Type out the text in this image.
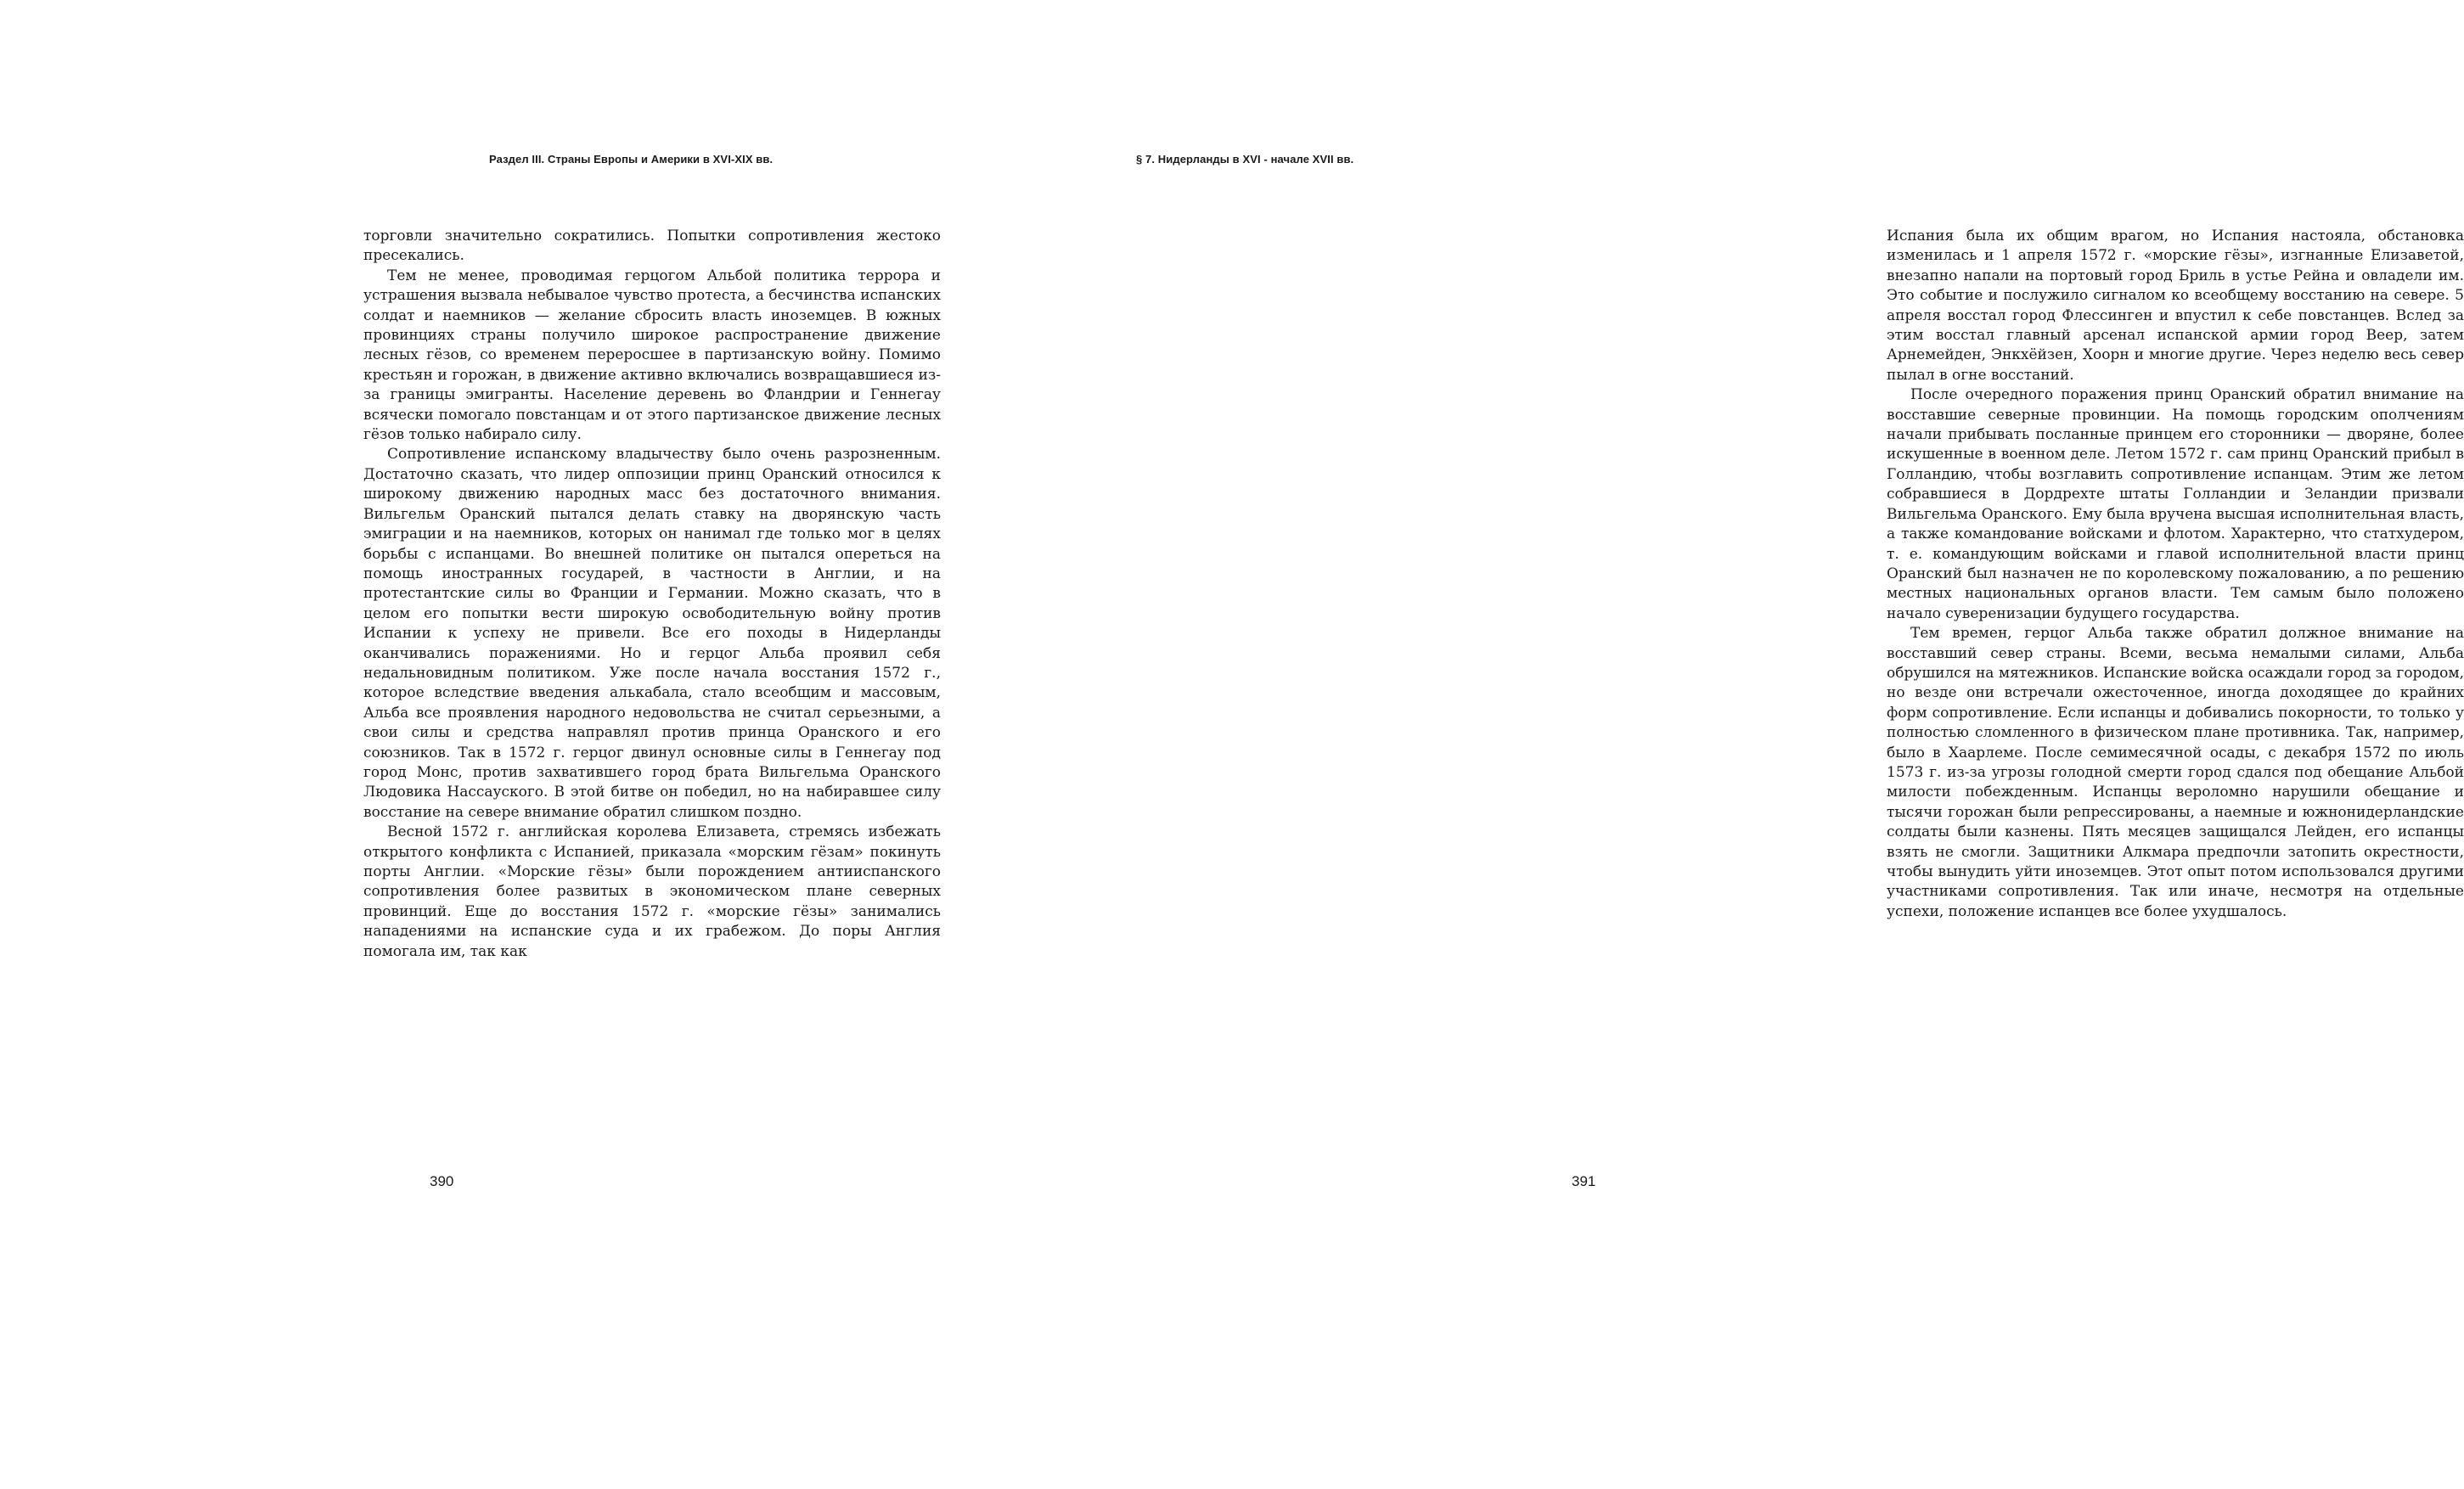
Раздел III. Страны Европы и Америки в XVI-XIX вв.

торговли значительно сократились. Попытки сопротивления жестоко пресекались.

Тем не менее, проводимая герцогом Альбой политика террора и устрашения вызвала небывалое чувство протеста, а бесчинства испанских солдат и наемников — желание сбросить власть иноземцев. В южных провинциях страны получило широкое распространение движение лесных гёзов, со временем переросшее в партизанскую войну. Помимо крестьян и горожан, в движение активно включались возвращавшиеся из-за границы эмигранты. Население деревень во Фландрии и Геннегау всячески помогало повстанцам и от этого партизанское движение лесных гёзов только набирало силу.

Сопротивление испанскому владычеству было очень разрозненным. Достаточно сказать, что лидер оппозиции принц Оранский относился к широкому движению народных масс без достаточного внимания. Вильгельм Оранский пытался делать ставку на дворянскую часть эмиграции и на наемников, которых он нанимал где только мог в целях борьбы с испанцами. Во внешней политике он пытался опереться на помощь иностранных государей, в частности в Англии, и на протестантские силы во Франции и Германии. Можно сказать, что в целом его попытки вести широкую освободительную войну против Испании к успеху не привели. Все его походы в Нидерланды оканчивались поражениями. Но и герцог Альба проявил себя недальновидным политиком. Уже после начала восстания 1572 г., которое вследствие введения алькабала, стало всеобщим и массовым, Альба все проявления народного недовольства не считал серьезными, а свои силы и средства направлял против принца Оранского и его союзников. Так в 1572 г. герцог двинул основные силы в Геннегау под город Монс, против захватившего город брата Вильгельма Оранского Людовика Нассауского. В этой битве он победил, но на набиравшее силу восстание на севере внимание обратил слишком поздно.

Весной 1572 г. английская королева Елизавета, стремясь избежать открытого конфликта с Испанией, приказала «морским гёзам» покинуть порты Англии. «Морские гёзы» были порождением антииспанского сопротивления более развитых в экономическом плане северных провинций. Еще до восстания 1572 г. «морские гёзы» занимались нападениями на испанские суда и их грабежом. До поры Англия помогала им, так как

390
§ 7. Нидерланды в XVI - начале XVII вв.

Испания была их общим врагом, но Испания настояла, обстановка изменилась и 1 апреля 1572 г. «морские гёзы», изгнанные Елизаветой, внезапно напали на портовый город Бриль в устье Рейна и овладели им. Это событие и послужило сигналом ко всеобщему восстанию на севере. 5 апреля восстал город Флессинген и впустил к себе повстанцев. Вслед за этим восстал главный арсенал испанской армии город Веер, затем Арнемейден, Энкхёйзен, Хоорн и многие другие. Через неделю весь север пылал в огне восстаний.

После очередного поражения принц Оранский обратил внимание на восставшие северные провинции. На помощь городским ополчениям начали прибывать посланные принцем его сторонники — дворяне, более искушенные в военном деле. Летом 1572 г. сам принц Оранский прибыл в Голландию, чтобы возглавить сопротивление испанцам. Этим же летом собравшиеся в Дордрехте штаты Голландии и Зеландии призвали Вильгельма Оранского. Ему была вручена высшая исполнительная власть, а также командование войсками и флотом. Характерно, что статхудером, т. е. командующим войсками и главой исполнительной власти принц Оранский был назначен не по королевскому пожалованию, а по решению местных национальных органов власти. Тем самым было положено начало суверенизации будущего государства.

Тем времен, герцог Альба также обратил должное внимание на восставший север страны. Всеми, весьма немалыми силами, Альба обрушился на мятежников. Испанские войска осаждали город за городом, но везде они встречали ожесточенное, иногда доходящее до крайних форм сопротивление. Если испанцы и добивались покорности, то только у полностью сломленного в физическом плане противника. Так, например, было в Хаарлеме. После семимесячной осады, с декабря 1572 по июль 1573 г. из-за угрозы голодной смерти город сдался под обещание Альбой милости побежденным. Испанцы вероломно нарушили обещание и тысячи горожан были репрессированы, а наемные и южнонидерландские солдаты были казнены. Пять месяцев защищался Лейден, его испанцы взять не смогли. Защитники Алкмара предпочли затопить окрестности, чтобы вынудить уйти иноземцев. Этот опыт потом использовался другими участниками сопротивления. Так или иначе, несмотря на отдельные успехи, положение испанцев все более ухудшалось.

391
